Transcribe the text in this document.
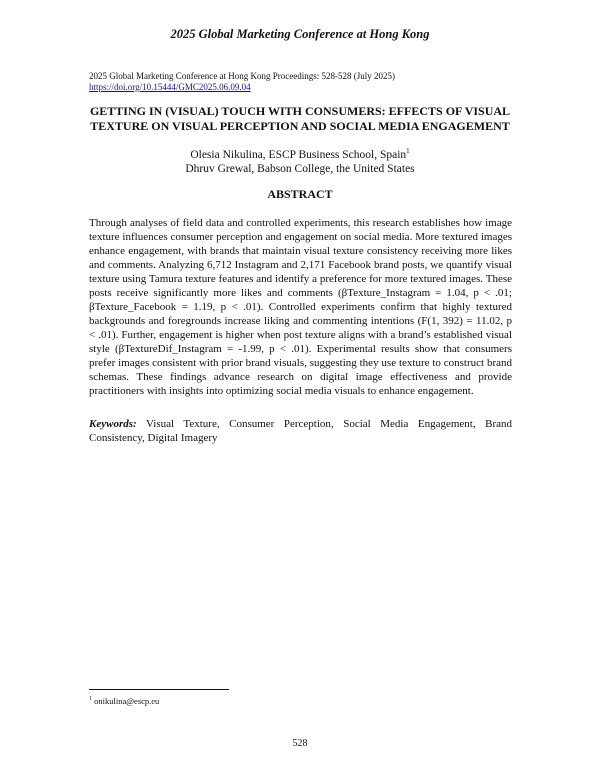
2025 Global Marketing Conference at Hong Kong
2025 Global Marketing Conference at Hong Kong Proceedings: 528-528 (July 2025)
https://doi.org/10.15444/GMC2025.06.09.04
GETTING IN (VISUAL) TOUCH WITH CONSUMERS: EFFECTS OF VISUAL TEXTURE ON VISUAL PERCEPTION AND SOCIAL MEDIA ENGAGEMENT
Olesia Nikulina, ESCP Business School, Spain$^1$
Dhruv Grewal, Babson College, the United States
ABSTRACT
Through analyses of field data and controlled experiments, this research establishes how image texture influences consumer perception and engagement on social media. More textured images enhance engagement, with brands that maintain visual texture consistency receiving more likes and comments. Analyzing 6,712 Instagram and 2,171 Facebook brand posts, we quantify visual texture using Tamura texture features and identify a preference for more textured images. These posts receive significantly more likes and comments (βTexture_Instagram = 1.04, p < .01; βTexture_Facebook = 1.19, p < .01). Controlled experiments confirm that highly textured backgrounds and foregrounds increase liking and commenting intentions (F(1, 392) = 11.02, p < .01). Further, engagement is higher when post texture aligns with a brand’s established visual style (βTextureDif_Instagram = -1.99, p < .01). Experimental results show that consumers prefer images consistent with prior brand visuals, suggesting they use texture to construct brand schemas. These findings advance research on digital image effectiveness and provide practitioners with insights into optimizing social media visuals to enhance engagement.
Keywords: Visual Texture, Consumer Perception, Social Media Engagement, Brand Consistency, Digital Imagery
$^1$ onikulina@escp.eu
528
